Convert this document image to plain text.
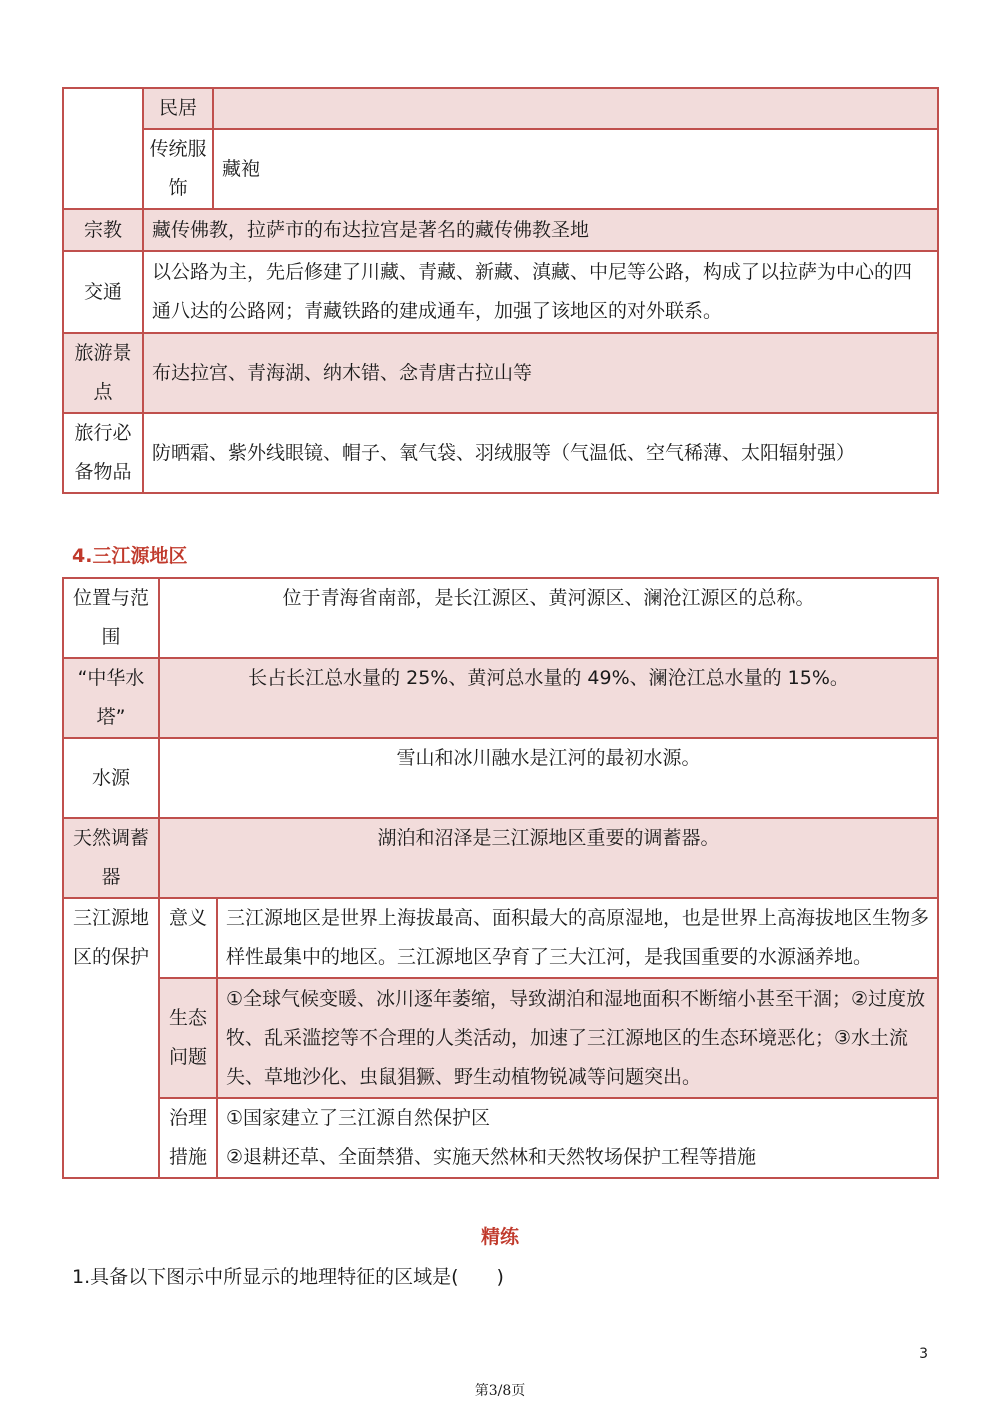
	民居	
	传统服饰	藏袍
宗教	藏传佛教，拉萨市的布达拉宫是著名的藏传佛教圣地	
交通	以公路为主，先后修建了川藏、青藏、新藏、滇藏、中尼等公路，构成了以拉萨为中心的四通八达的公路网；青藏铁路的建成通车，加强了该地区的对外联系。	
旅游景点	布达拉宫、青海湖、纳木错、念青唐古拉山等	
旅行必备物品	防晒霜、紫外线眼镜、帽子、氧气袋、羽绒服等（气温低、空气稀薄、太阳辐射强）	
4.三江源地区
位置与范围	位于青海省南部，是长江源区、黄河源区、澜沧江源区的总称。	
“中华水塔”	长占长江总水量的 25%、黄河总水量的 49%、澜沧江总水量的 15%。	
水源	雪山和冰川融水是江河的最初水源。	
天然调蓄器	湖泊和沼泽是三江源地区重要的调蓄器。	
三江源地区的保护	意义	三江源地区是世界上海拔最高、面积最大的高原湿地，也是世界上高海拔地区生物多样性最集中的地区。三江源地区孕育了三大江河，是我国重要的水源涵养地。
	生态问题	①全球气候变暖、冰川逐年萎缩，导致湖泊和湿地面积不断缩小甚至干涸；②过度放牧、乱采滥挖等不合理的人类活动，加速了三江源地区的生态环境恶化；③水土流失、草地沙化、虫鼠猖獗、野生动植物锐减等问题突出。
	治理措施	①国家建立了三江源自然保护区
②退耕还草、全面禁猎、实施天然林和天然牧场保护工程等措施
精练
1.具备以下图示中所显示的地理特征的区域是(　　)
3
第3/8页
